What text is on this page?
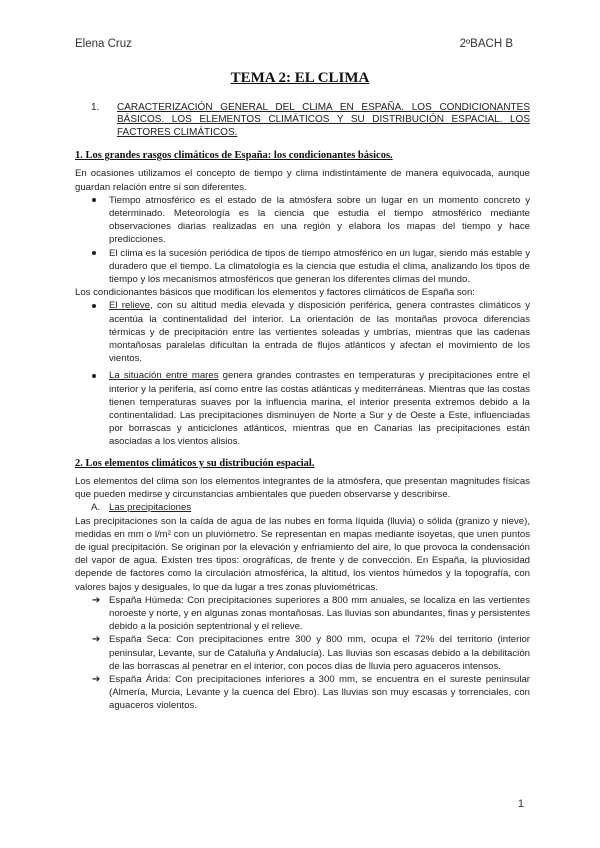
Elena Cruz	2ºBACH B
TEMA 2: EL CLIMA
1.	CARACTERIZACIÓN GENERAL DEL CLIMA EN ESPAÑA. LOS CONDICIONANTES BÁSICOS. LOS ELEMENTOS CLIMÁTICOS Y SU DISTRIBUCIÓN ESPACIAL. LOS FACTORES CLIMÁTICOS.
1. Los grandes rasgos climáticos de España: los condicionantes básicos.

En ocasiones utilizamos el concepto de tiempo y clima indistintamente de manera equivocada, aunque guardan relación entre sí son diferentes.

Tiempo atmosférico es el estado de la atmósfera sobre un lugar en un momento concreto y determinado. Meteorología es la ciencia que estudia el tiempo atmosférico mediante observaciones diarias realizadas en una región y elabora los mapas del tiempo y hace predicciones.
El clima es la sucesión periódica de tipos de tiempo atmosférico en un lugar, siendo más estable y duradero que el tiempo. La climatología es la ciencia que estudia el clima, analizando los tipos de tiempo y los mecanismos atmosféricos que generan los diferentes climas del mundo.

Los condicionantes básicos que modifican los elementos y factores climáticos de España son:

El relieve, con su altitud media elevada y disposición periférica, genera contrastes climáticos y acentúa la continentalidad del interior. La orientación de las montañas provoca diferencias térmicas y de precipitación entre las vertientes soleadas y umbrías, mientras que las cadenas montañosas paralelas dificultan la entrada de flujos atlánticos y afectan el movimiento de los vientos.
La situación entre mares genera grandes contrastes en temperaturas y precipitaciones entre el interior y la periferia, así como entre las costas atlánticas y mediterráneas. Mientras que las costas tienen temperaturas suaves por la influencia marina, el interior presenta extremos debido a la continentalidad. Las precipitaciones disminuyen de Norte a Sur y de Oeste a Este, influenciadas por borrascas y anticiclones atlánticos, mientras que en Canarias las precipitaciones están asociadas a los vientos alisios.
2. Los elementos climáticos y su distribución espacial.

Los elementos del clima son los elementos integrantes de la atmósfera, que presentan magnitudes físicas que pueden medirse y circunstancias ambientales que pueden observarse y describirse.

A. Las precipitaciones

Las precipitaciones son la caída de agua de las nubes en forma líquida (lluvia) o sólida (granizo y nieve), medidas en mm o l/m² con un pluviómetro. Se representan en mapas mediante isoyetas, que unen puntos de igual precipitación. Se originan por la elevación y enfriamiento del aire, lo que provoca la condensación del vapor de agua. Existen tres tipos: orográficas, de frente y de convección. En España, la pluviosidad depende de factores como la circulación atmosférica, la altitud, los vientos húmedos y la topografía, con valores bajos y desiguales, lo que da lugar a tres zonas pluviométricas.

➔ España Húmeda: Con precipitaciones superiores a 800 mm anuales, se localiza en las vertientes noroeste y norte, y en algunas zonas montañosas. Las lluvias son abundantes, finas y persistentes debido a la posición septentrional y el relieve.
➔ España Seca: Con precipitaciones entre 300 y 800 mm, ocupa el 72% del territorio (interior peninsular, Levante, sur de Cataluña y Andalucía). Las lluvias son escasas debido a la debilitación de las borrascas al penetrar en el interior, con pocos días de lluvia pero aguaceros intensos.
➔ España Árida: Con precipitaciones inferiores a 300 mm, se encuentra en el sureste peninsular (Almería, Murcia, Levante y la cuenca del Ebro). Las lluvias son muy escasas y torrenciales, con aguaceros violentos.
1
